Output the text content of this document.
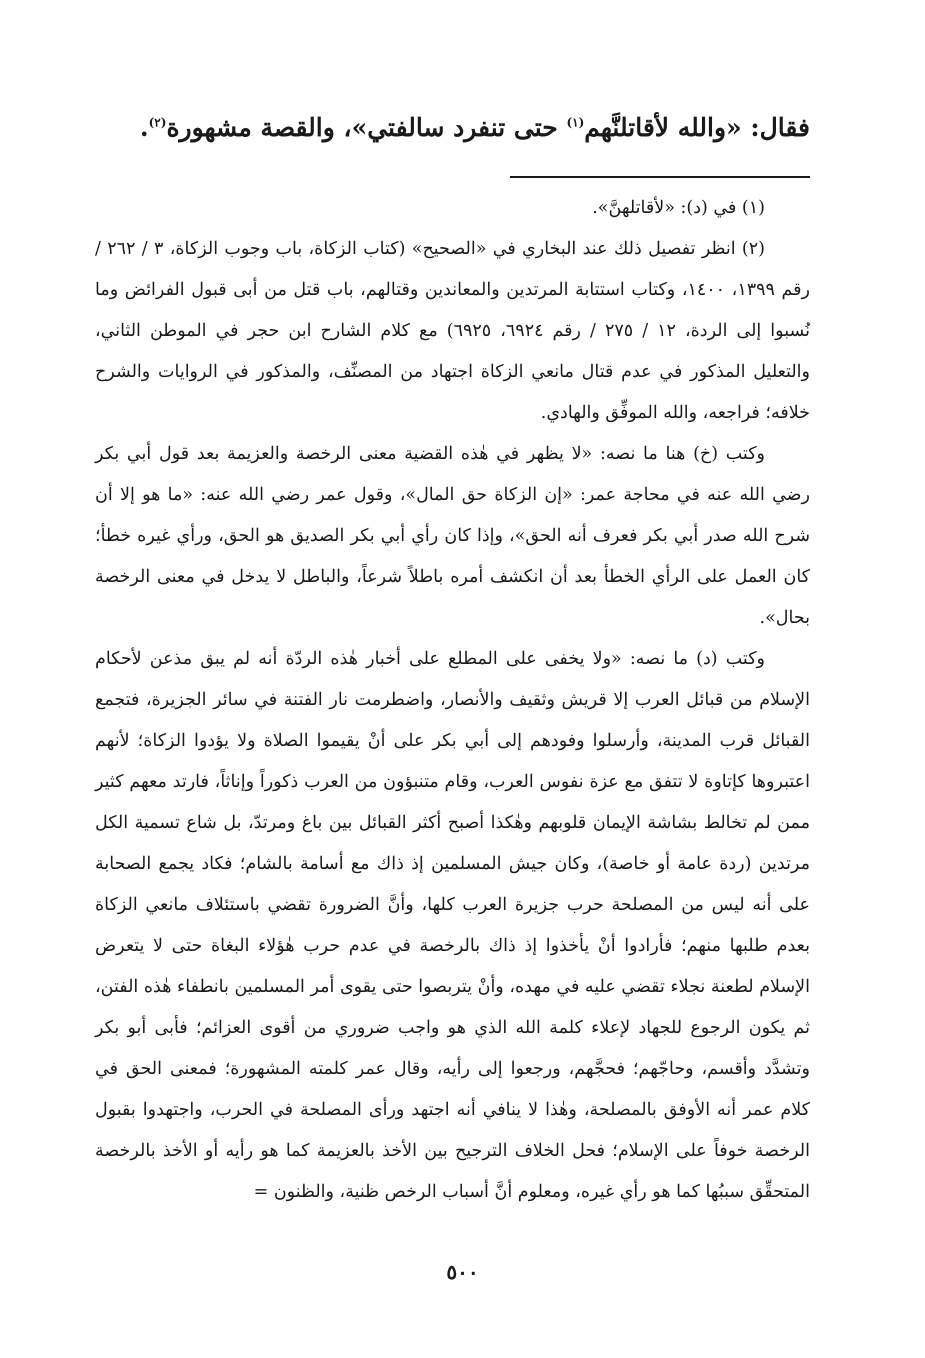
فقال: «والله لأقاتلنَّهم$^{(١)}$ حتى تنفرد سالفتي»، والقصة مشهورة$^{(٢)}$.

(١) في (د): «لأقاتلهنَّ».

(٢) انظر تفصيل ذلك عند البخاري في «الصحيح» (كتاب الزكاة، باب وجوب الزكاة، ٣ / ٢٦٢ / رقم ١٣٩٩، ١٤٠٠، وكتاب استتابة المرتدين والمعاندين وقتالهم، باب قتل من أبى قبول الفرائض وما نُسبوا إلى الردة، ١٢ / ٢٧٥ / رقم ٦٩٢٤، ٦٩٢٥) مع كلام الشارح ابن حجر في الموطن الثاني، والتعليل المذكور في عدم قتال مانعي الزكاة اجتهاد من المصنِّف، والمذكور في الروايات والشرح خلافه؛ فراجعه، والله الموفِّق والهادي.

وكتب (خ) هنا ما نصه: «لا يظهر في هٰذه القضية معنى الرخصة والعزيمة بعد قول أبي بكر رضي الله عنه في محاجة عمر: «إن الزكاة حق المال»، وقول عمر رضي الله عنه: «ما هو إلا أن شرح الله صدر أبي بكر فعرف أنه الحق»، وإذا كان رأي أبي بكر الصديق هو الحق، ورأي غيره خطأ؛ كان العمل على الرأي الخطأ بعد أن انكشف أمره باطلاً شرعاً، والباطل لا يدخل في معنى الرخصة بحال».

وكتب (د) ما نصه: «ولا يخفى على المطلع على أخبار هٰذه الردّة أنه لم يبق مذعن لأحكام الإسلام من قبائل العرب إلا قريش وثقيف والأنصار، واضطرمت نار الفتنة في سائر الجزيرة، فتجمع القبائل قرب المدينة، وأرسلوا وفودهم إلى أبي بكر على أنْ يقيموا الصلاة ولا يؤدوا الزكاة؛ لأنهم اعتبروها كإتاوة لا تتفق مع عزة نفوس العرب، وقام متنبؤون من العرب ذكوراً وإناثاً، فارتد معهم كثير ممن لم تخالط بشاشة الإيمان قلوبهم وهٰكذا أصبح أكثر القبائل بين باغ ومرتدّ، بل شاع تسمية الكل مرتدين (ردة عامة أو خاصة)، وكان جيش المسلمين إذ ذاك مع أسامة بالشام؛ فكاد يجمع الصحابة على أنه ليس من المصلحة حرب جزيرة العرب كلها، وأنَّ الضرورة تقضي باستئلاف مانعي الزكاة بعدم طلبها منهم؛ فأرادوا أنْ يأخذوا إذ ذاك بالرخصة في عدم حرب هٰؤلاء البغاة حتى لا يتعرض الإسلام لطعنة نجلاء تقضي عليه في مهده، وأنْ يتربصوا حتى يقوى أمر المسلمين بانطفاء هٰذه الفتن، ثم يكون الرجوع للجهاد لإعلاء كلمة الله الذي هو واجب ضروري من أقوى العزائم؛ فأبى أبو بكر وتشدَّد وأقسم، وحاجّهم؛ فحجَّهم، ورجعوا إلى رأيه، وقال عمر كلمته المشهورة؛ فمعنى الحق في كلام عمر أنه الأوفق بالمصلحة، وهٰذا لا ينافي أنه اجتهد ورأى المصلحة في الحرب، واجتهدوا بقبول الرخصة خوفاً على الإسلام؛ فحل الخلاف الترجيح بين الأخذ بالعزيمة كما هو رأيه أو الأخذ بالرخصة المتحقِّق سببُها كما هو رأي غيره، ومعلوم أنَّ أسباب الرخص ظنية، والظنون =

٥٠٠
